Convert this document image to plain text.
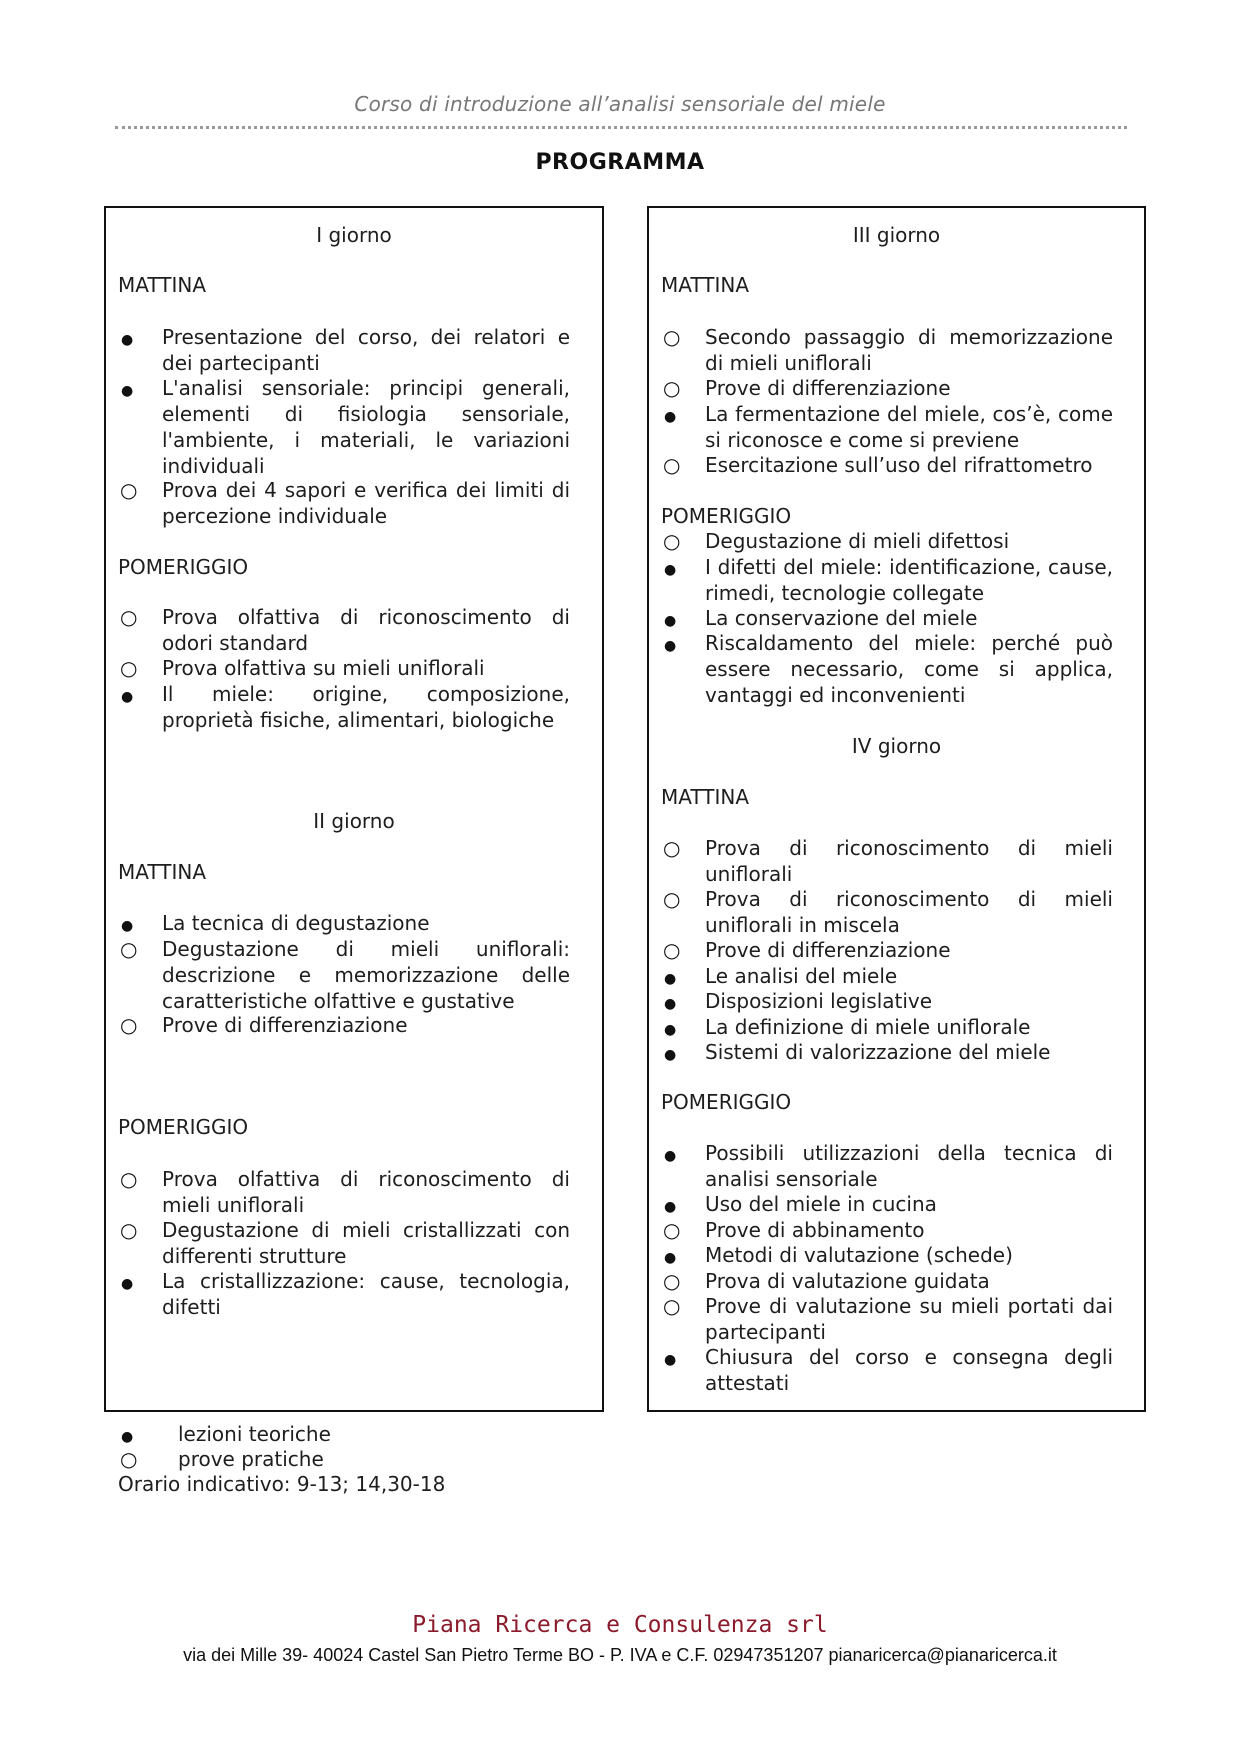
Corso di introduzione all’analisi sensoriale del miele
PROGRAMMA
I giorno
MATTINA
POMERIGGIO
●
Presentazione del corso, dei relatori e dei partecipanti
●
L'analisi sensoriale: principi generali, elementi di fisiologia sensoriale, l'ambiente, i materiali, le variazioni individuali
○
Prova dei 4 sapori e verifica dei limiti di percezione individuale
○
Prova olfattiva di riconoscimento di odori standard
○
Prova olfattiva su mieli uniflorali
●
Il miele: origine, composizione, proprietà fisiche, alimentari, biologiche
II giorno
MATTINA
POMERIGGIO
●
La tecnica di degustazione
○
Degustazione di mieli uniflorali: descrizione e memorizzazione delle caratteristiche olfattive e gustative
○
Prove di differenziazione
○
Prova olfattiva di riconoscimento di mieli uniflorali
○
Degustazione di mieli cristallizzati con differenti strutture
●
La cristallizzazione: cause, tecnologia, difetti
III giorno
MATTINA
POMERIGGIO
○
Secondo passaggio di memorizzazione di mieli uniflorali
○
Prove di differenziazione
●
La fermentazione del miele, cos’è, come si riconosce e come si previene
○
Esercitazione sull’uso del rifrattometro
○
Degustazione di mieli difettosi
●
I difetti del miele: identificazione, cause, rimedi, tecnologie collegate
●
La conservazione del miele
●
Riscaldamento del miele: perché può essere necessario, come si applica, vantaggi ed inconvenienti
IV giorno
MATTINA
POMERIGGIO
○
Prova di riconoscimento di mieli uniflorali
○
Prova di riconoscimento di mieli uniflorali in miscela
○
Prove di differenziazione
●
Le analisi del miele
●
Disposizioni legislative
●
La definizione di miele uniflorale
●
Sistemi di valorizzazione del miele
●
Possibili utilizzazioni della tecnica di analisi sensoriale
●
Uso del miele in cucina
○
Prove di abbinamento
●
Metodi di valutazione (schede)
○
Prova di valutazione guidata
○
Prove di valutazione su mieli portati dai partecipanti
●
Chiusura del corso e consegna degli attestati
●
lezioni teoriche
○
prove pratiche
Orario indicativo: 9-13; 14,30-18
Piana Ricerca e Consulenza srl
via dei Mille 39- 40024 Castel San Pietro Terme BO - P. IVA e C.F. 02947351207 pianaricerca@pianaricerca.it
